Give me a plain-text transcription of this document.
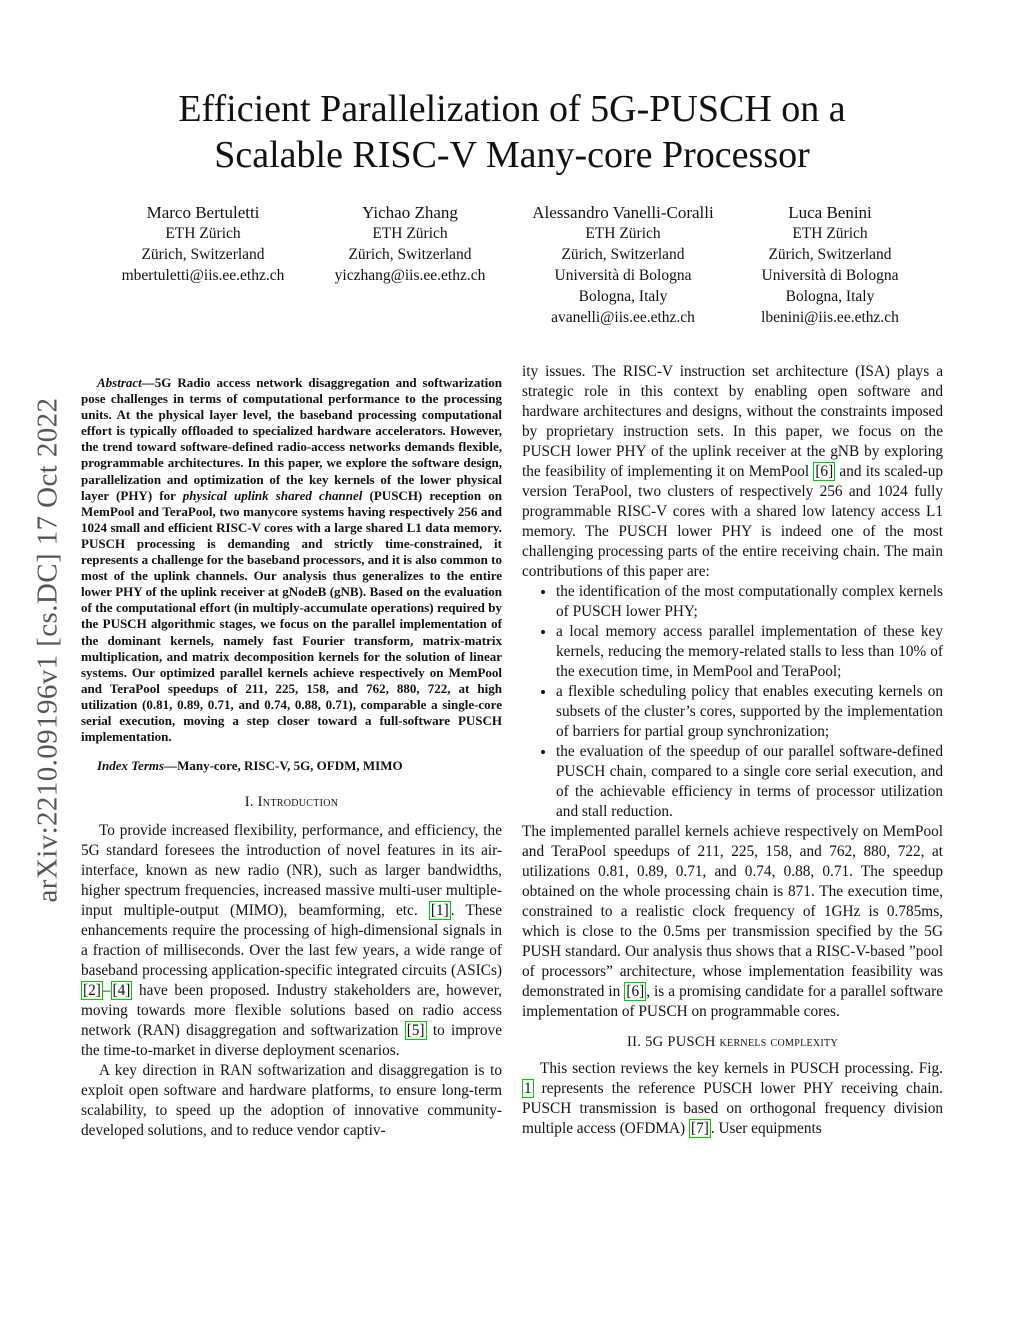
Efficient Parallelization of 5G-PUSCH on a
Scalable RISC-V Many-core Processor
Marco Bertuletti
ETH Zürich
Zürich, Switzerland
mbertuletti@iis.ee.ethz.ch
Yichao Zhang
ETH Zürich
Zürich, Switzerland
yiczhang@iis.ee.ethz.ch
Alessandro Vanelli-Coralli
ETH Zürich
Zürich, Switzerland
Università di Bologna
Bologna, Italy
avanelli@iis.ee.ethz.ch
Luca Benini
ETH Zürich
Zürich, Switzerland
Università di Bologna
Bologna, Italy
lbenini@iis.ee.ethz.ch
arXiv:2210.09196v1 [cs.DC] 17 Oct 2022

Abstract—5G Radio access network disaggregation and softwarization pose challenges in terms of computational performance to the processing units. At the physical layer level, the baseband processing computational effort is typically offloaded to specialized hardware accelerators. However, the trend toward software-defined radio-access networks demands flexible, programmable architectures. In this paper, we explore the software design, parallelization and optimization of the key kernels of the lower physical layer (PHY) for physical uplink shared channel (PUSCH) reception on MemPool and TeraPool, two manycore systems having respectively 256 and 1024 small and efficient RISC-V cores with a large shared L1 data memory. PUSCH processing is demanding and strictly time-constrained, it represents a challenge for the baseband processors, and it is also common to most of the uplink channels. Our analysis thus generalizes to the entire lower PHY of the uplink receiver at gNodeB (gNB). Based on the evaluation of the computational effort (in multiply-accumulate operations) required by the PUSCH algorithmic stages, we focus on the parallel implementation of the dominant kernels, namely fast Fourier transform, matrix-matrix multiplication, and matrix decomposition kernels for the solution of linear systems. Our optimized parallel kernels achieve respectively on MemPool and TeraPool speedups of 211, 225, 158, and 762, 880, 722, at high utilization (0.81, 0.89, 0.71, and 0.74, 0.88, 0.71), comparable a single-core serial execution, moving a step closer toward a full-software PUSCH implementation.

Index Terms—Many-core, RISC-V, 5G, OFDM, MIMO

I. Introduction

To provide increased flexibility, performance, and efficiency, the 5G standard foresees the introduction of novel features in its air-interface, known as new radio (NR), such as larger bandwidths, higher spectrum frequencies, increased massive multi-user multiple-input multiple-output (MIMO), beamforming, etc. [1] . These enhancements require the processing of high-dimensional signals in a fraction of milliseconds. Over the last few years, a wide range of baseband processing application-specific integrated circuits (ASICs) [2] – [4] have been proposed. Industry stakeholders are, however, moving towards more flexible solutions based on radio access network (RAN) disaggregation and softwarization [5] to improve the time-to-market in diverse deployment scenarios.

A key direction in RAN softwarization and disaggregation is to exploit open software and hardware platforms, to ensure long-term scalability, to speed up the adoption of innovative community-developed solutions, and to reduce vendor captiv-

ity issues. The RISC-V instruction set architecture (ISA) plays a strategic role in this context by enabling open software and hardware architectures and designs, without the constraints imposed by proprietary instruction sets. In this paper, we focus on the PUSCH lower PHY of the uplink receiver at the gNB by exploring the feasibility of implementing it on MemPool [6] and its scaled-up version TeraPool, two clusters of respectively 256 and 1024 fully programmable RISC-V cores with a shared low latency access L1 memory. The PUSCH lower PHY is indeed one of the most challenging processing parts of the entire receiving chain. The main contributions of this paper are:

• the identification of the most computationally complex kernels of PUSCH lower PHY;
• a local memory access parallel implementation of these key kernels, reducing the memory-related stalls to less than 10% of the execution time, in MemPool and TeraPool;
• a flexible scheduling policy that enables executing kernels on subsets of the cluster’s cores, supported by the implementation of barriers for partial group synchronization;
• the evaluation of the speedup of our parallel software-defined PUSCH chain, compared to a single core serial execution, and of the achievable efficiency in terms of processor utilization and stall reduction.

The implemented parallel kernels achieve respectively on MemPool and TeraPool speedups of 211, 225, 158, and 762, 880, 722, at utilizations 0.81, 0.89, 0.71, and 0.74, 0.88, 0.71. The speedup obtained on the whole processing chain is 871. The execution time, constrained to a realistic clock frequency of 1GHz is 0.785ms, which is close to the 0.5ms per transmission specified by the 5G PUSH standard. Our analysis thus shows that a RISC-V-based ”pool of processors” architecture, whose implementation feasibility was demonstrated in [6] , is a promising candidate for a parallel software implementation of PUSCH on programmable cores.

II. 5G PUSCH kernels complexity

This section reviews the key kernels in PUSCH processing. Fig. 1 represents the reference PUSCH lower PHY receiving chain. PUSCH transmission is based on orthogonal frequency division multiple access (OFDMA) [7] . User equipments
